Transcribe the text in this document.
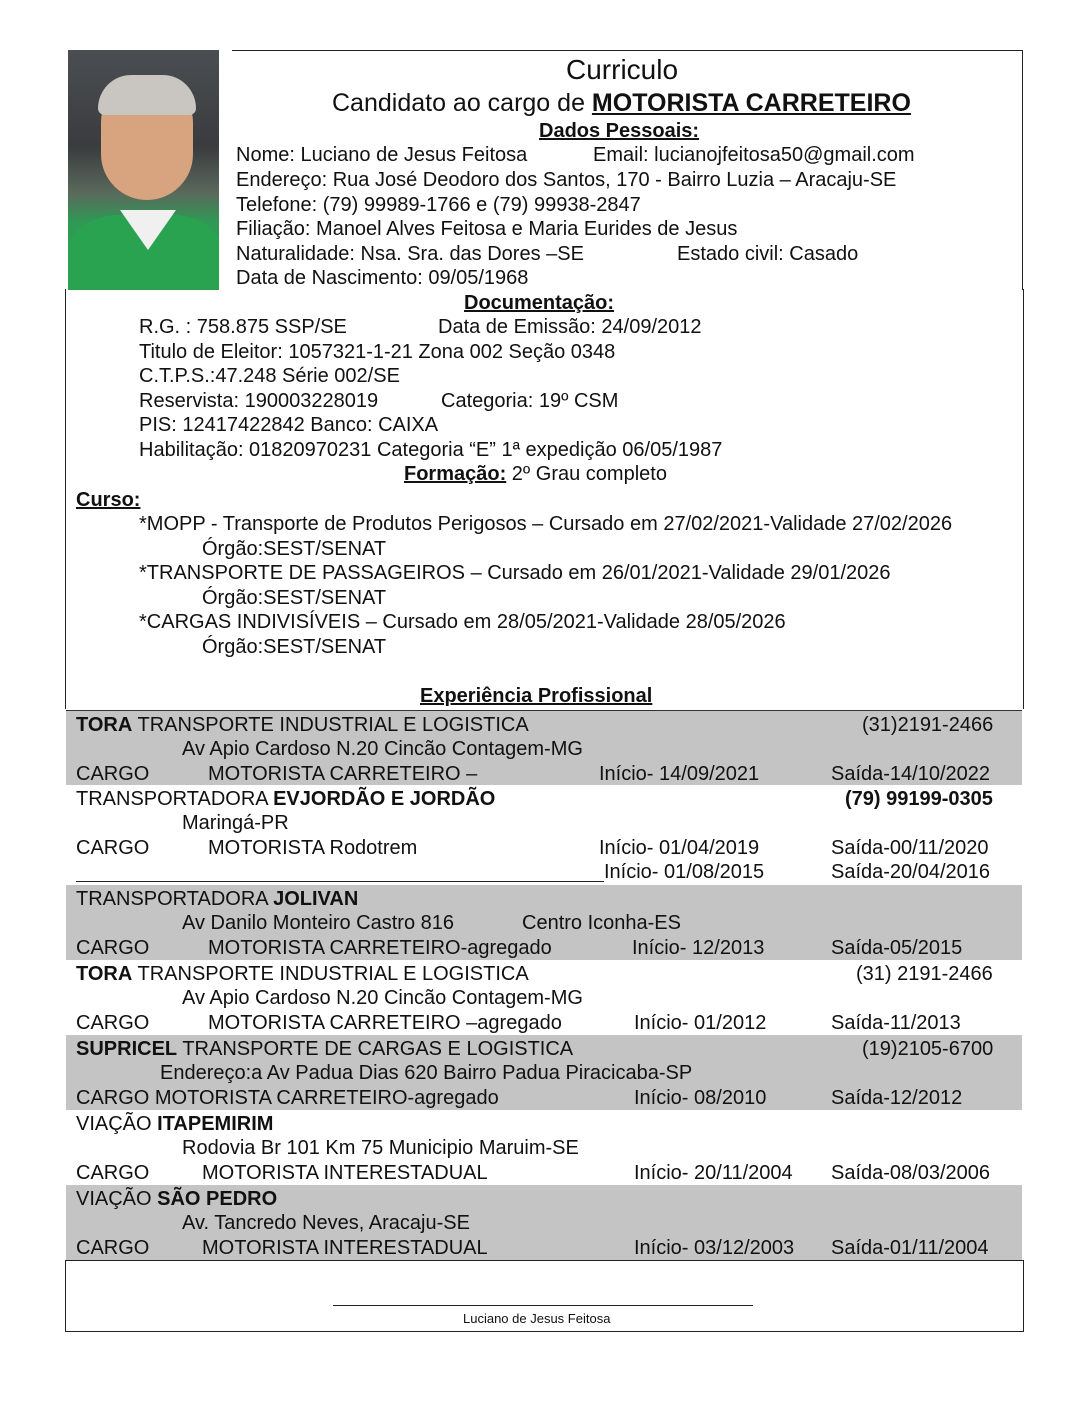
Curriculo
Candidato ao cargo de MOTORISTA CARRETEIRO
Dados Pessoais:
Nome: Luciano de Jesus Feitosa	Email: lucianojfeitosa50@gmail.com
Endereço: Rua José Deodoro dos Santos, 170 - Bairro Luzia – Aracaju-SE
Telefone: (79) 99989-1766 e (79) 99938-2847
Filiação: Manoel Alves Feitosa e Maria Eurides de Jesus
Naturalidade: Nsa. Sra. das Dores –SE	Estado civil: Casado
Data de Nascimento: 09/05/1968
Documentação:
R.G. : 758.875 SSP/SE	Data de Emissão: 24/09/2012
Titulo de Eleitor: 1057321-1-21 Zona 002 Seção 0348
C.T.P.S.:47.248 Série 002/SE
Reservista: 190003228019	Categoria: 19º CSM
PIS: 12417422842 Banco: CAIXA
Habilitação: 01820970231 Categoria “E” 1ª expedição 06/05/1987
Formação: 2º Grau completo
Curso:
*MOPP - Transporte de Produtos Perigosos – Cursado em 27/02/2021-Validade 27/02/2026
Órgão:SEST/SENAT
*TRANSPORTE DE PASSAGEIROS – Cursado em 26/01/2021-Validade 29/01/2026
Órgão:SEST/SENAT
*CARGAS INDIVISÍVEIS – Cursado em 28/05/2021-Validade 28/05/2026
Órgão:SEST/SENAT
Experiência Profissional
TORA TRANSPORTE INDUSTRIAL E LOGISTICA	(31)2191-2466
Av Apio Cardoso N.20 Cincão Contagem-MG
CARGO	MOTORISTA CARRETEIRO –	Início- 14/09/2021	Saída-14/10/2022
TRANSPORTADORA EVJORDÃO E JORDÃO	(79) 99199-0305
Maringá-PR
CARGO	MOTORISTA Rodotrem	Início- 01/04/2019	Saída-00/11/2020
Início- 01/08/2015	Saída-20/04/2016
TRANSPORTADORA JOLIVAN
Av Danilo Monteiro Castro 816	Centro Iconha-ES
CARGO	MOTORISTA CARRETEIRO-agregado	Início- 12/2013	Saída-05/2015
TORA TRANSPORTE INDUSTRIAL E LOGISTICA	(31) 2191-2466
Av Apio Cardoso N.20 Cincão Contagem-MG
CARGO	MOTORISTA CARRETEIRO –agregado	Início- 01/2012	Saída-11/2013
SUPRICEL TRANSPORTE DE CARGAS E LOGISTICA	(19)2105-6700
Endereço:a Av Padua Dias 620 Bairro Padua Piracicaba-SP
CARGO MOTORISTA CARRETEIRO-agregado	Início- 08/2010	Saída-12/2012
VIAÇÃO ITAPEMIRIM
Rodovia Br 101 Km 75 Municipio Maruim-SE
CARGO	MOTORISTA INTERESTADUAL	Início- 20/11/2004 Saída-08/03/2006
VIAÇÃO SÃO PEDRO
Av. Tancredo Neves, Aracaju-SE
CARGO	MOTORISTA INTERESTADUAL	Início- 03/12/2003 Saída-01/11/2004
Luciano de Jesus Feitosa
